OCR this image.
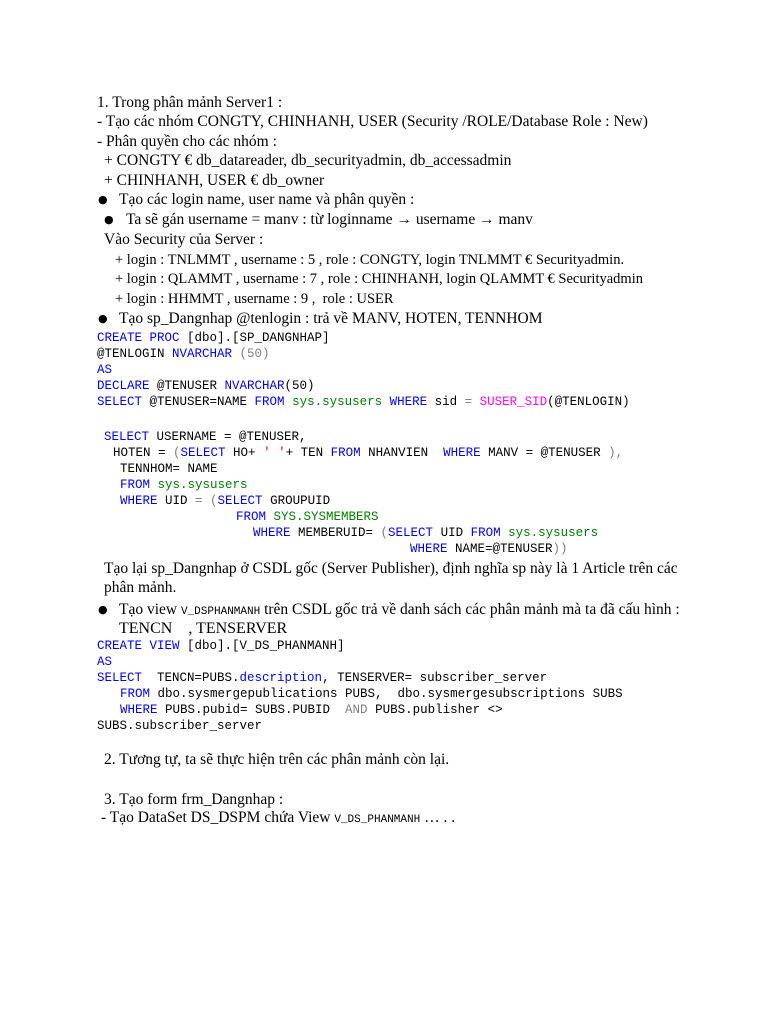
1. Trong phân mảnh Server1 :
- Tạo các nhóm CONGTY, CHINHANH, USER (Security /ROLE/Database Role : New)
- Phân quyền cho các nhóm :
+ CONGTY € db_datareader, db_securityadmin, db_accessadmin
+ CHINHANH, USER € db_owner
● Tạo các login name, user name và phân quyền :
● Ta sẽ gán username = manv : từ loginname → username → manv
Vào Security của Server :
+ login : TNLMMT , username : 5 , role : CONGTY, login TNLMMT € Securityadmin.
+ login : QLAMMT , username : 7 , role : CHINHANH, login QLAMMT € Securityadmin
+ login : HHMMT , username : 9 ,  role : USER
● Tạo sp_Dangnhap @tenlogin : trả về MANV, HOTEN, TENNHOM
CREATE PROC [dbo].[SP_DANGNHAP]
@TENLOGIN NVARCHAR (50)
AS
DECLARE @TENUSER NVARCHAR(50)
SELECT @TENUSER=NAME FROM sys.sysusers WHERE sid = SUSER_SID(@TENLOGIN)
SELECT USERNAME = @TENUSER,
HOTEN = (SELECT HO+ ' '+ TEN FROM NHANVIEN  WHERE MANV = @TENUSER ),
TENNHOM= NAME
FROM sys.sysusers
WHERE UID = (SELECT GROUPUID
FROM SYS.SYSMEMBERS
WHERE MEMBERUID= (SELECT UID FROM sys.sysusers
WHERE NAME=@TENUSER))
Tạo lại sp_Dangnhap ở CSDL gốc (Server Publisher), định nghĩa sp này là 1 Article trên các
phân mảnh.
● Tạo view V_DSPHANMANH trên CSDL gốc trả về danh sách các phân mảnh mà ta đã cấu hình :
TENCN    , TENSERVER
CREATE VIEW [dbo].[V_DS_PHANMANH]
AS
SELECT  TENCN=PUBS.description, TENSERVER= subscriber_server
FROM dbo.sysmergepublications PUBS,  dbo.sysmergesubscriptions SUBS
WHERE PUBS.pubid= SUBS.PUBID  AND PUBS.publisher <>
SUBS.subscriber_server
2. Tương tự, ta sẽ thực hiện trên các phân mảnh còn lại.
3. Tạo form frm_Dangnhap :
- Tạo DataSet DS_DSPM chứa View V_DS_PHANMANH … . .
